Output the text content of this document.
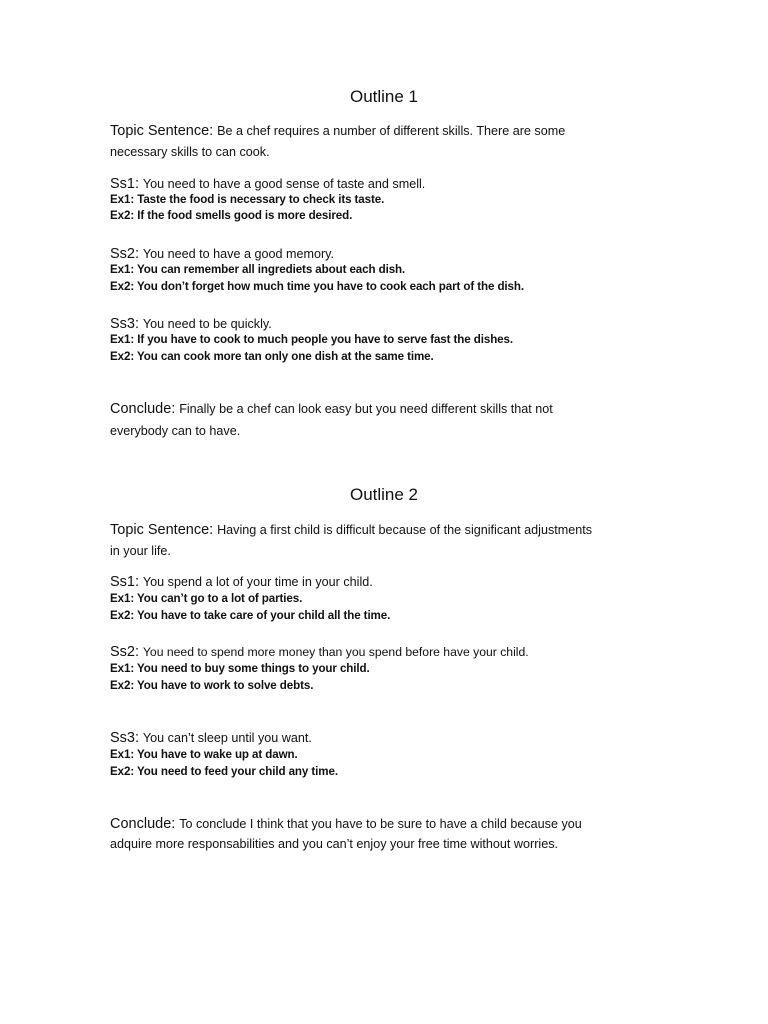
Outline 1
Topic Sentence: Be a chef requires a number of different skills. There are some
necessary skills to can cook.
Ss1: You need to have a good sense of taste and smell.
Ex1: Taste the food is necessary to check its taste.
Ex2: If the food smells good is more desired.
Ss2: You need to have a good memory.
Ex1: You can remember all ingrediets about each dish.
Ex2: You don’t forget how much time you have to cook each part of the dish.
Ss3: You need to be quickly.
Ex1: If you have to cook to much people you have to serve fast the dishes.
Ex2: You can cook more tan only one dish at the same time.
Conclude: Finally be a chef can look easy but you need different skills that not
everybody can to have.
Outline 2
Topic Sentence: Having a first child is difficult because of the significant adjustments
in your life.
Ss1: You spend a lot of your time in your child.
Ex1: You can’t go to a lot of parties.
Ex2: You have to take care of your child all the time.
Ss2: You need to spend more money than you spend before have your child.
Ex1: You need to buy some things to your child.
Ex2: You have to work to solve debts.
Ss3: You can’t sleep until you want.
Ex1: You have to wake up at dawn.
Ex2: You need to feed your child any time.
Conclude: To conclude I think that you have to be sure to have a child because you
adquire more responsabilities and you can’t enjoy your free time without worries.
